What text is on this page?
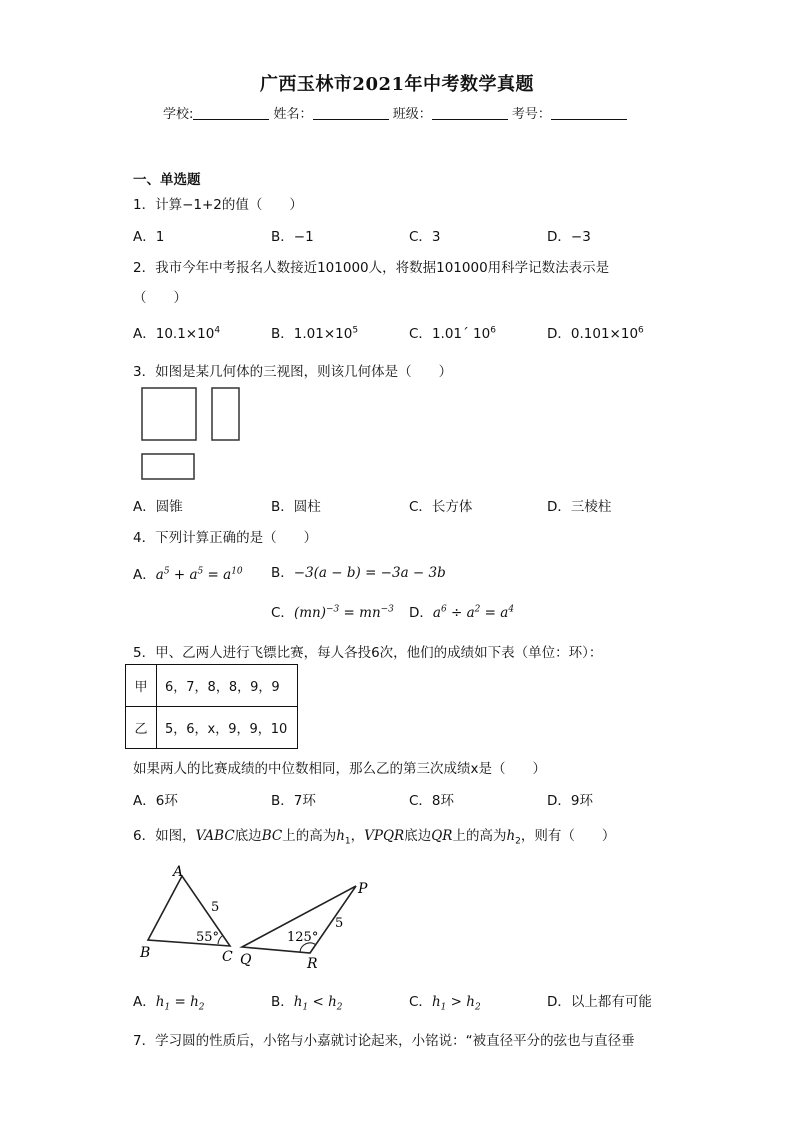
广西玉林市2021年中考数学真题
学校:	姓名：	班级：	考号：
一、单选题
1．计算−1+2的值（　　）
A．1	B．−1	C．3	D．−3
2．我市今年中考报名人数接近101000人，将数据101000用科学记数法表示是
（　　）
A．$10.1\times 10^4$	B．$1.01\times 10^5$	C．1.01´ $10^6$	D．$0.101\times 10^6$
3．如图是某几何体的三视图，则该几何体是（　　）
A．圆锥	B．圆柱	C．长方体	D．三棱柱
4．下列计算正确的是（　　）
A．$a^5 + a^5 = a^{10}$ B．−3(a − b) = −3a − 3b
C．$(mn)^{-3} = mn^{-3}$ D．$a^6 \div a^2 = a^4$
5．甲、乙两人进行飞镖比赛，每人各投6次，他们的成绩如下表（单位：环）：
甲	6，7，8，8，9，9
乙	5，6，x，9，9，10
如果两人的比赛成绩的中位数相同，那么乙的第三次成绩x是（　　）
A．6环	B．7环	C．8环	D．9环
6．如图，VABC底边BC上的高为$h_1$，VPQR底边QR上的高为$h_2$，则有（　　）
A
B	C
5
55°
P
Q	R
5
125°
A．$h_1 = h_2$	B．$h_1 < h_2$	C．$h_1 > h_2$	D．以上都有可能
7．学习圆的性质后，小铭与小嘉就讨论起来，小铭说：“被直径平分的弦也与直径垂
